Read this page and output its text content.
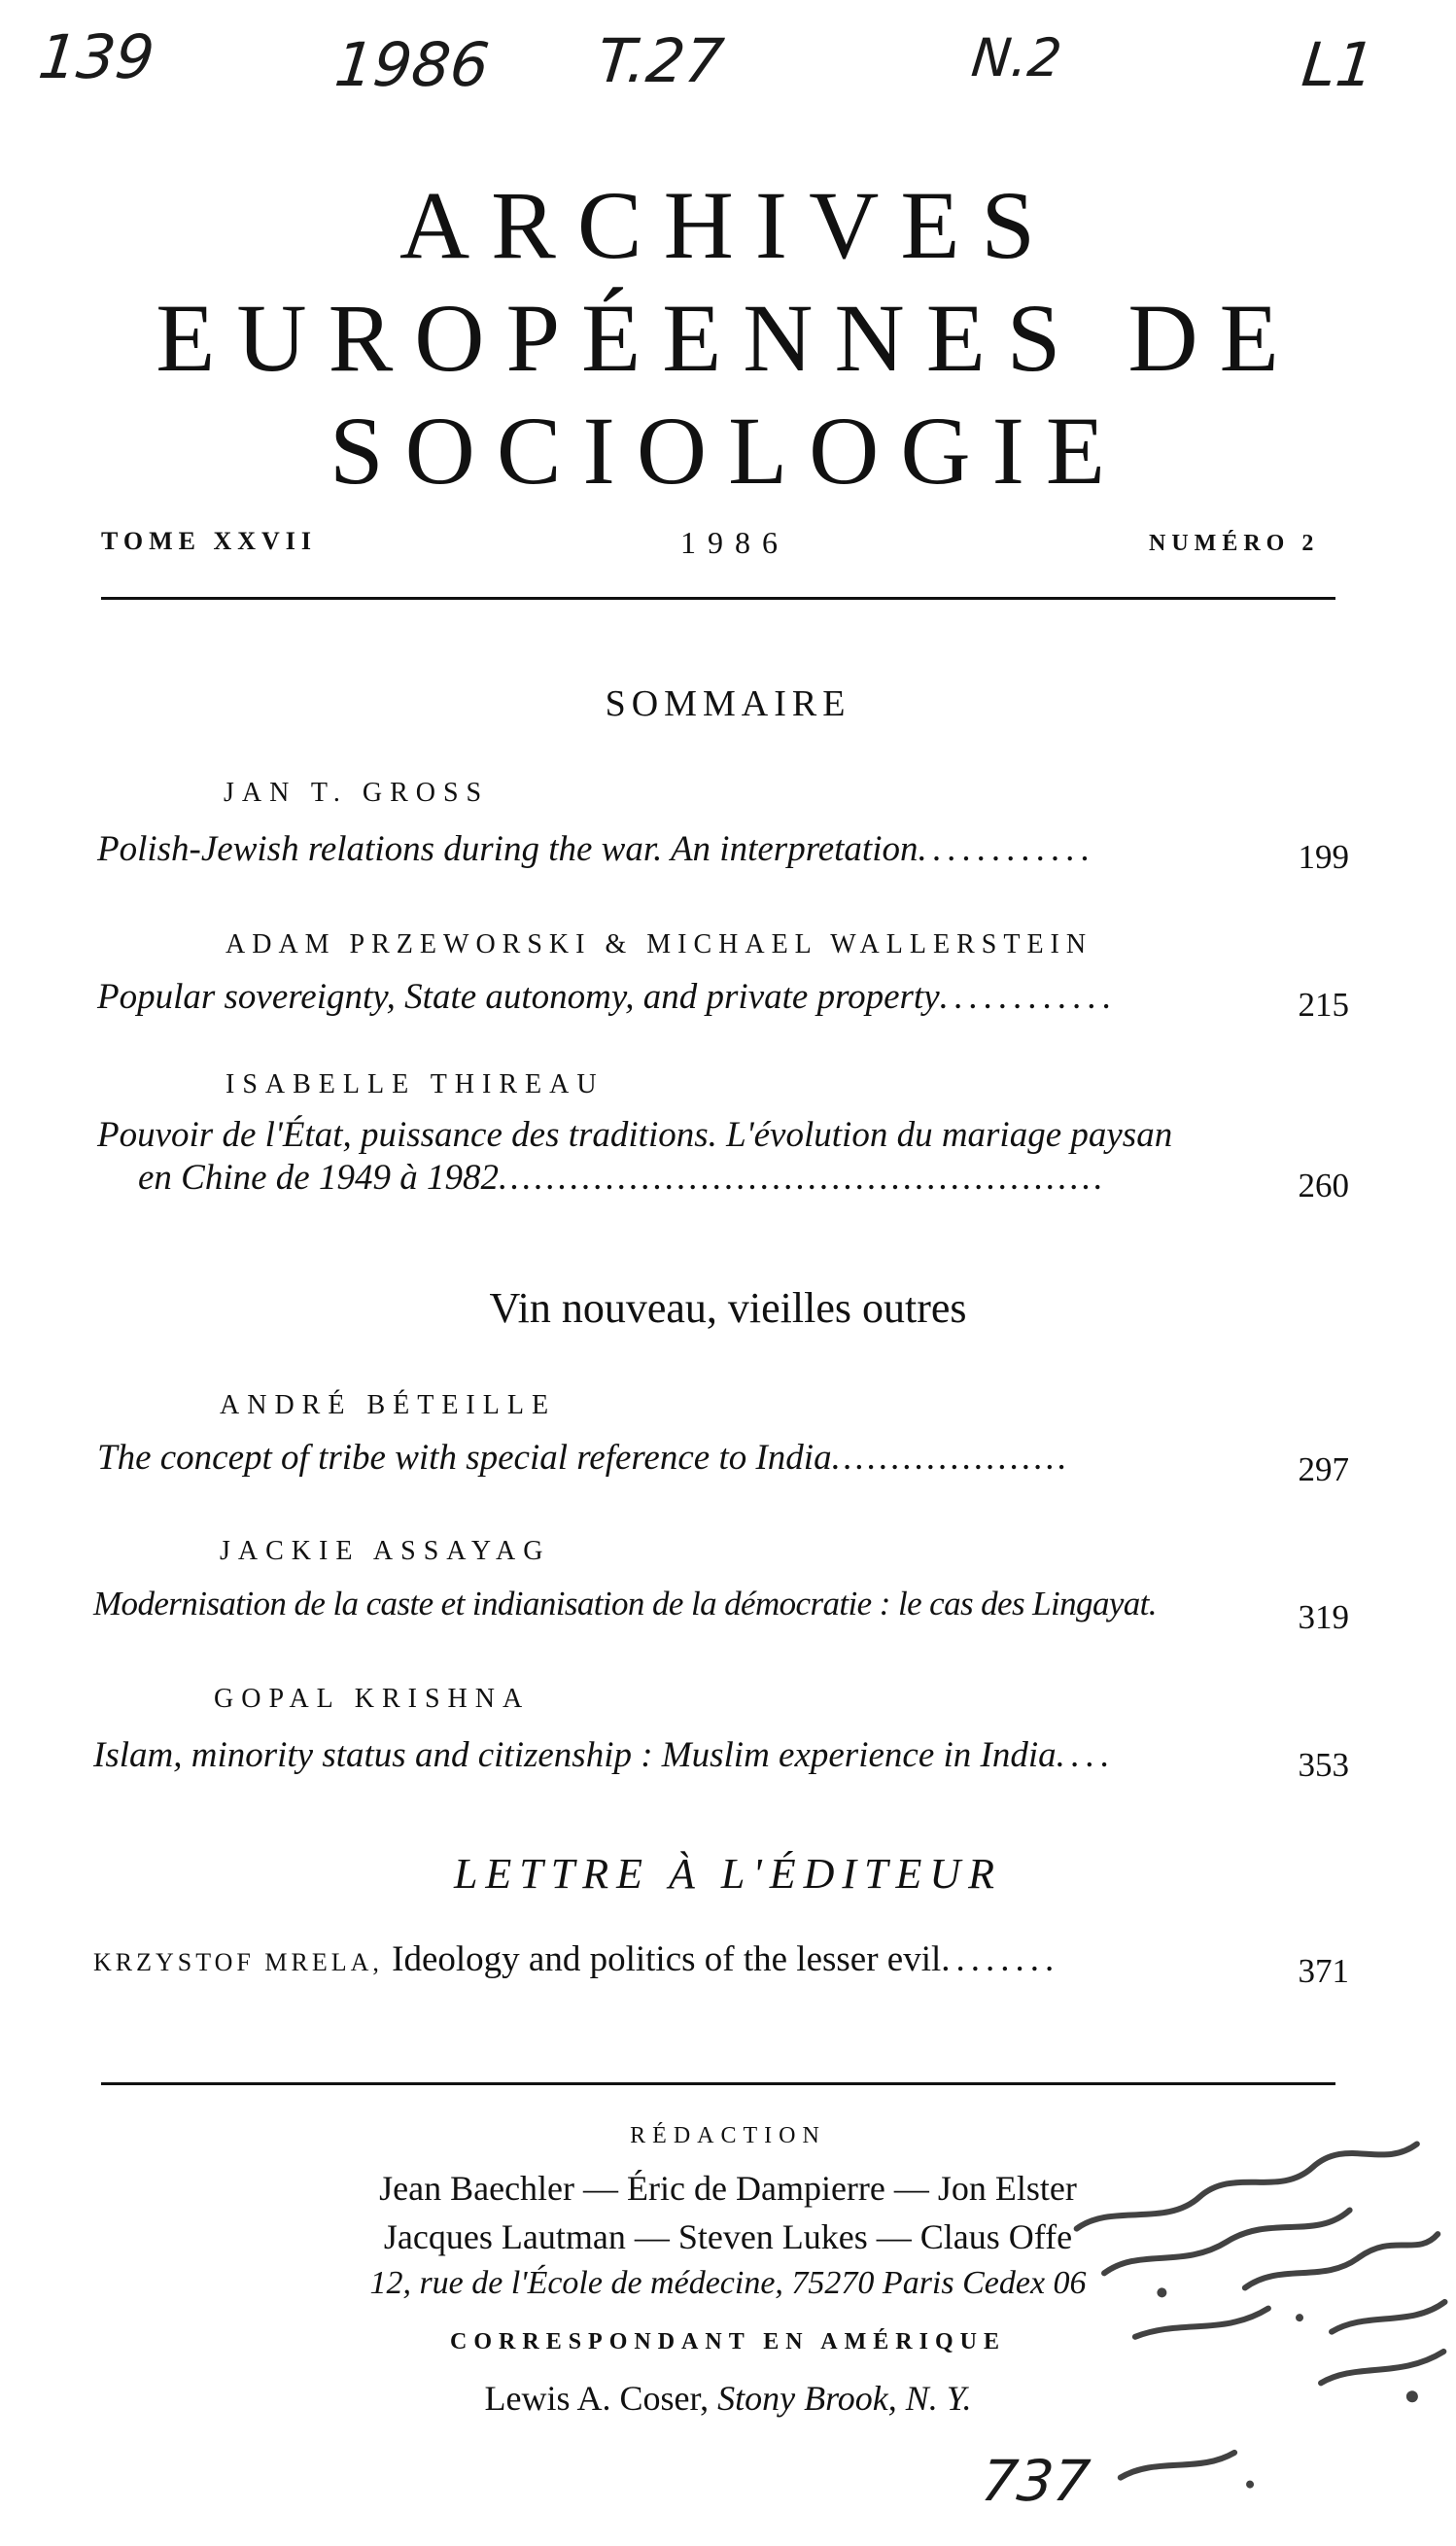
139	1986 T.27	N.2	L1
ARCHIVES
EUROPÉENNES DE
SOCIOLOGIE
TOME XXVII	1986	NUMÉRO 2
SOMMAIRE
JAN T. GROSS
Polish-Jewish relations during the war. An interpretation............	199
ADAM PRZEWORSKI & MICHAEL WALLERSTEIN
Popular sovereignty, State autonomy, and private property............	215
ISABELLE THIREAU
Pouvoir de l'État, puissance des traditions. L'évolution du mariage paysan
en Chine de 1949 à 1982...................................................	260
Vin nouveau, vieilles outres
ANDRÉ BÉTEILLE
The concept of tribe with special reference to India....................	297
JACKIE ASSAYAG
Modernisation de la caste et indianisation de la démocratie : le cas des Lingayat.	319
GOPAL KRISHNA
Islam, minority status and citizenship : Muslim experience in India....	353
LETTRE À L'ÉDITEUR
KRZYSTOF MRELA, Ideology and politics of the lesser evil........	371
RÉDACTION
Jean Baechler — Éric de Dampierre — Jon Elster
Jacques Lautman — Steven Lukes — Claus Offe
12, rue de l'École de médecine, 75270 Paris Cedex 06
CORRESPONDANT EN AMÉRIQUE
Lewis A. Coser, Stony Brook, N. Y.
737
